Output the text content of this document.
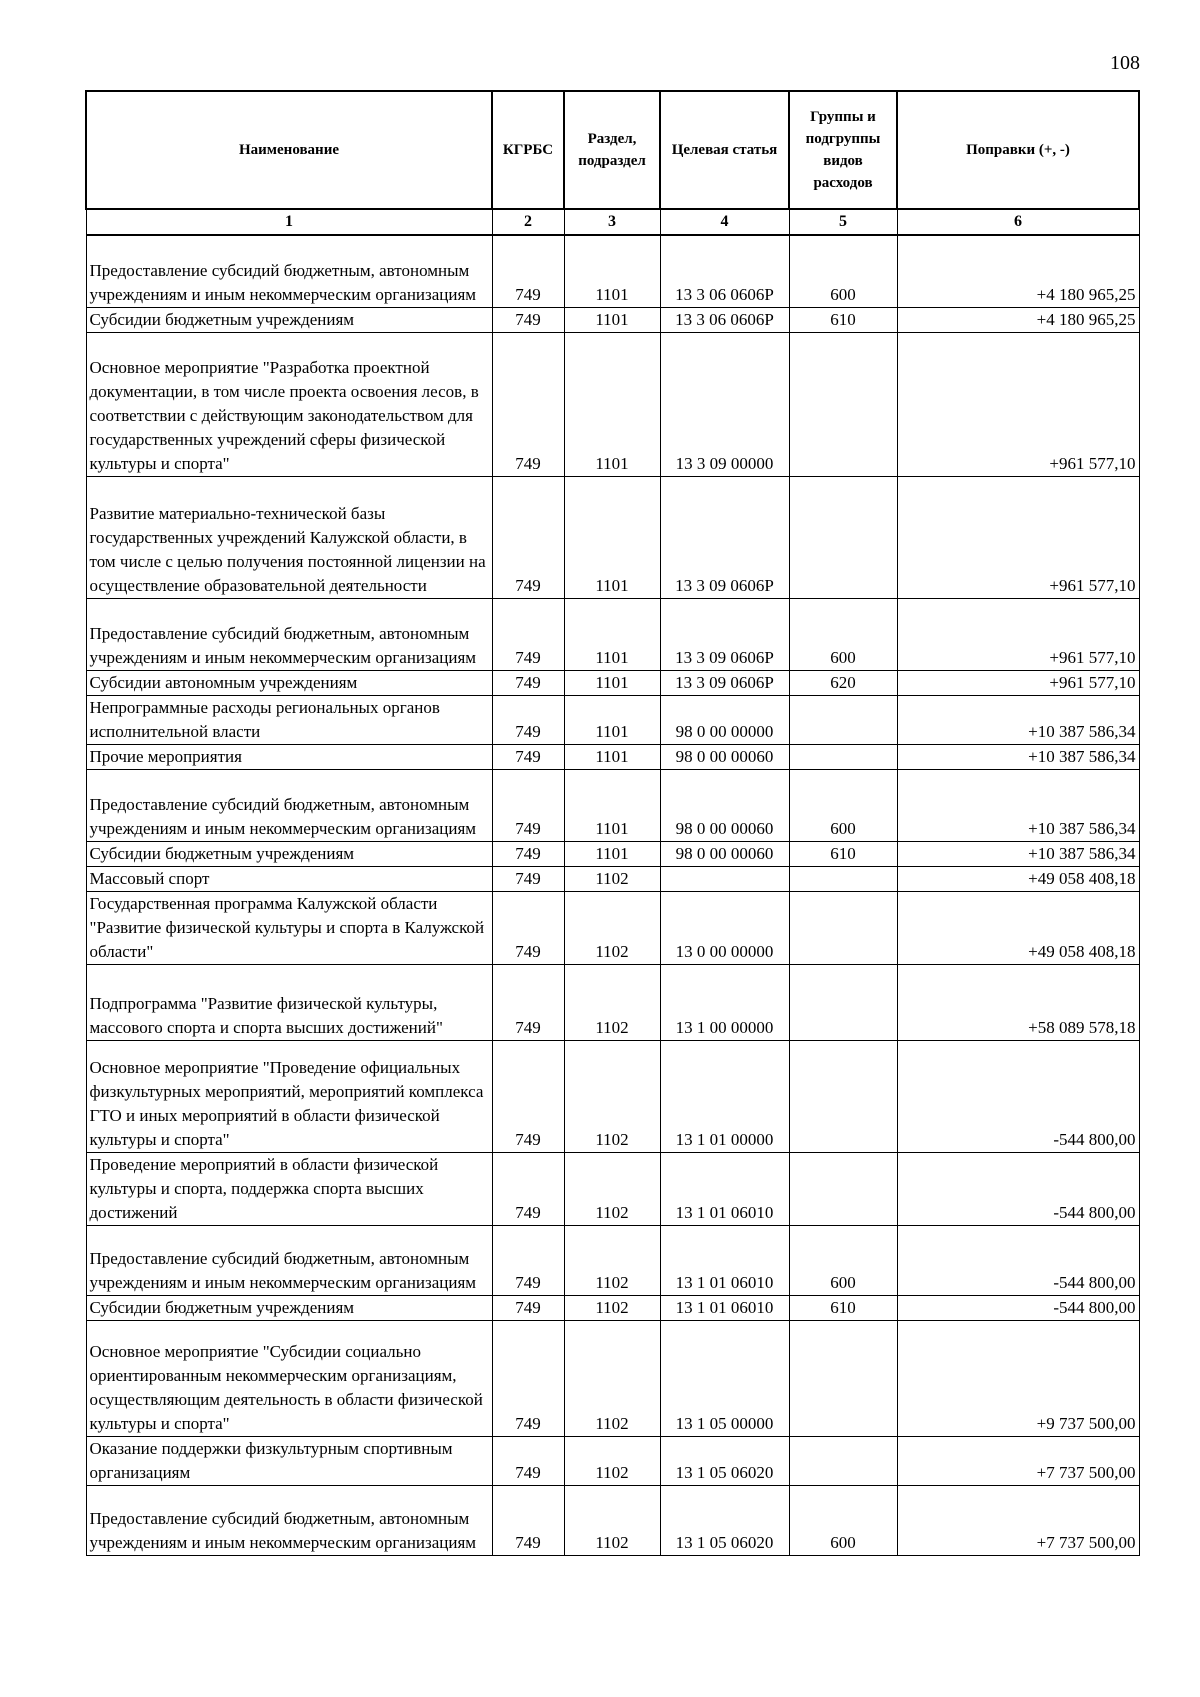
108
Наименование	КГРБС	Раздел, подраздел	Целевая статья	Группы и подгруппы видов расходов	Поправки (+, -)
1	2	3	4	5	6
Предоставление субсидий бюджетным, автономным учреждениям и иным некоммерческим организациям	749	1101	13 3 06 0606Р	600	+4 180 965,25
Субсидии бюджетным учреждениям	749	1101	13 3 06 0606Р	610	+4 180 965,25
Основное мероприятие "Разработка проектной документации, в том числе проекта освоения лесов, в соответствии с действующим законодательством для государственных учреждений сферы физической культуры и спорта"	749	1101	13 3 09 00000		+961 577,10
Развитие материально-технической базы государственных учреждений Калужской области, в том числе с целью получения постоянной лицензии на осуществление образовательной деятельности	749	1101	13 3 09 0606Р		+961 577,10
Предоставление субсидий бюджетным, автономным учреждениям и иным некоммерческим организациям	749	1101	13 3 09 0606Р	600	+961 577,10
Субсидии автономным учреждениям	749	1101	13 3 09 0606Р	620	+961 577,10
Непрограммные расходы региональных органов исполнительной власти	749	1101	98 0 00 00000		+10 387 586,34
Прочие мероприятия	749	1101	98 0 00 00060		+10 387 586,34
Предоставление субсидий бюджетным, автономным учреждениям и иным некоммерческим организациям	749	1101	98 0 00 00060	600	+10 387 586,34
Субсидии бюджетным учреждениям	749	1101	98 0 00 00060	610	+10 387 586,34
Массовый спорт	749	1102			+49 058 408,18
Государственная программа Калужской области "Развитие физической культуры и спорта в Калужской области"	749	1102	13 0 00 00000		+49 058 408,18
Подпрограмма "Развитие физической культуры, массового спорта и спорта высших достижений"	749	1102	13 1 00 00000		+58 089 578,18
Основное мероприятие "Проведение официальных физкультурных мероприятий, мероприятий комплекса ГТО и иных мероприятий в области физической культуры и спорта"	749	1102	13 1 01 00000		-544 800,00
Проведение мероприятий в области физической культуры и спорта, поддержка спорта высших достижений	749	1102	13 1 01 06010		-544 800,00
Предоставление субсидий бюджетным, автономным учреждениям и иным некоммерческим организациям	749	1102	13 1 01 06010	600	-544 800,00
Субсидии бюджетным учреждениям	749	1102	13 1 01 06010	610	-544 800,00
Основное мероприятие "Субсидии социально ориентированным некоммерческим организациям, осуществляющим деятельность в области физической культуры и спорта"	749	1102	13 1 05 00000		+9 737 500,00
Оказание поддержки физкультурным спортивным организациям	749	1102	13 1 05 06020		+7 737 500,00
Предоставление субсидий бюджетным, автономным учреждениям и иным некоммерческим организациям	749	1102	13 1 05 06020	600	+7 737 500,00
